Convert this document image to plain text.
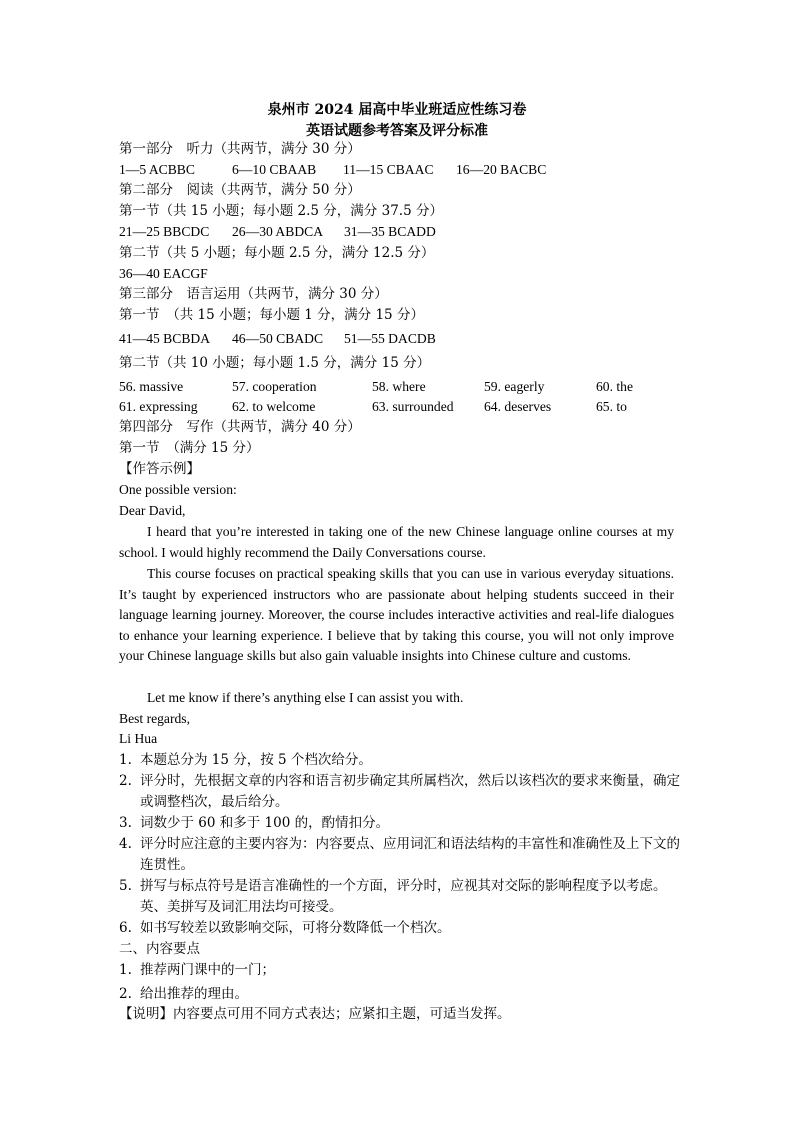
泉州市 2024 届高中毕业班适应性练习卷
英语试题参考答案及评分标准
第一部分　听力（共两节，满分 30 分）
1—5 ACBBC	6—10 CBAAB 11—15 CBAAC 16—20 BACBC
第二部分　阅读（共两节，满分 50 分）
第一节（共 15 小题；每小题 2.5 分，满分 37.5 分）
21—25 BBCDC 26—30 ABDCA 31—35 BCADD
第二节（共 5 小题；每小题 2.5 分，满分 12.5 分）
36—40 EACGF
第三部分　语言运用（共两节，满分 30 分）
第一节　（共 15 小题；每小题 1 分，满分 15 分）
41—45 BCBDA 46—50 CBADC 51—55 DACDB
第二节（共 10 小题；每小题 1.5 分，满分 15 分）
56. massive	57. cooperation	58. where	59. eagerly	60. the
61. expressing	62. to welcome	63. surrounded 64. deserves	65. to
第四部分　写作（共两节，满分 40 分）
第一节　（满分 15 分）
【作答示例】
One possible version:
Dear David,
I heard that you’re interested in taking one of the new Chinese language online courses at my school. I would highly recommend the Daily Conversations course.
This course focuses on practical speaking skills that you can use in various everyday situations. It’s taught by experienced instructors who are passionate about helping students succeed in their language learning journey. Moreover, the course includes interactive activities and real-life dialogues to enhance your learning experience. I believe that by taking this course, you will not only improve your Chinese language skills but also gain valuable insights into Chinese culture and customs.
Let me know if there’s anything else I can assist you with.
Best regards,
Li Hua
1. 本题总分为 15 分，按 5 个档次给分。
2. 评分时，先根据文章的内容和语言初步确定其所属档次，然后以该档次的要求来衡量，确定或调整档次，最后给分。
3. 词数少于 60 和多于 100 的，酌情扣分。
4. 评分时应注意的主要内容为：内容要点、应用词汇和语法结构的丰富性和准确性及上下文的连贯性。
5. 拼写与标点符号是语言准确性的一个方面，评分时，应视其对交际的影响程度予以考虑。英、美拼写及词汇用法均可接受。
6. 如书写较差以致影响交际，可将分数降低一个档次。
二、内容要点
1. 推荐两门课中的一门；
2. 给出推荐的理由。
【说明】内容要点可用不同方式表达；应紧扣主题，可适当发挥。
